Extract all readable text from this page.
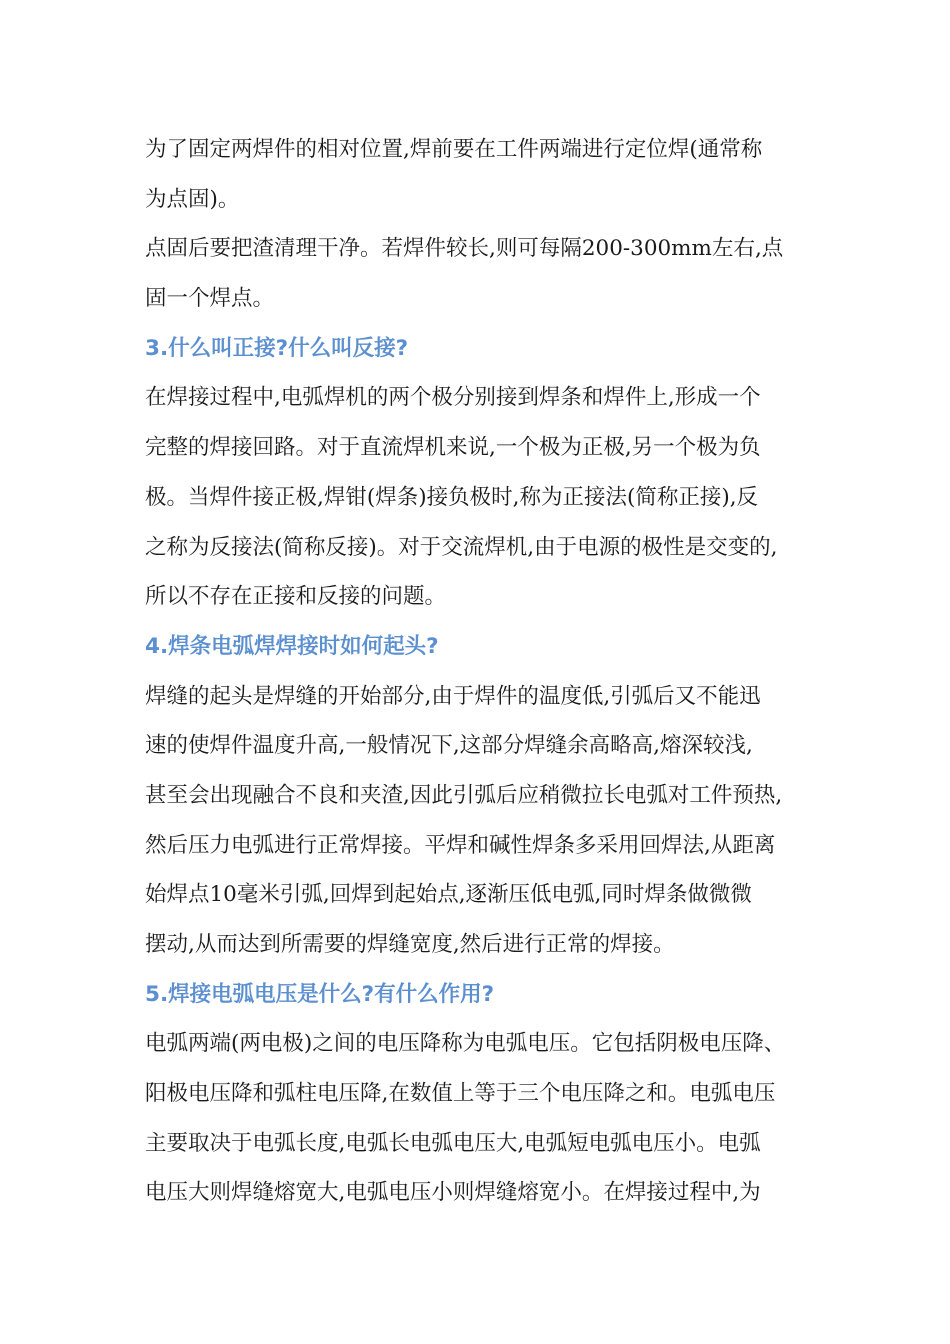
为了固定两焊件的相对位置,焊前要在工件两端进行定位焊(通常称
为点固)。
点固后要把渣清理干净。若焊件较长,则可每隔200-300mm左右,点
固一个焊点。
3.什么叫正接?什么叫反接?
在焊接过程中,电弧焊机的两个极分别接到焊条和焊件上,形成一个
完整的焊接回路。对于直流焊机来说,一个极为正极,另一个极为负
极。当焊件接正极,焊钳(焊条)接负极时,称为正接法(简称正接),反
之称为反接法(简称反接)。对于交流焊机,由于电源的极性是交变的,
所以不存在正接和反接的问题。
4.焊条电弧焊焊接时如何起头?
焊缝的起头是焊缝的开始部分,由于焊件的温度低,引弧后又不能迅
速的使焊件温度升高,一般情况下,这部分焊缝余高略高,熔深较浅,
甚至会出现融合不良和夹渣,因此引弧后应稍微拉长电弧对工件预热,
然后压力电弧进行正常焊接。平焊和碱性焊条多采用回焊法,从距离
始焊点10毫米引弧,回焊到起始点,逐渐压低电弧,同时焊条做微微
摆动,从而达到所需要的焊缝宽度,然后进行正常的焊接。
5.焊接电弧电压是什么?有什么作用?
电弧两端(两电极)之间的电压降称为电弧电压。它包括阴极电压降、
阳极电压降和弧柱电压降,在数值上等于三个电压降之和。电弧电压
主要取决于电弧长度,电弧长电弧电压大,电弧短电弧电压小。电弧
电压大则焊缝熔宽大,电弧电压小则焊缝熔宽小。在焊接过程中,为
